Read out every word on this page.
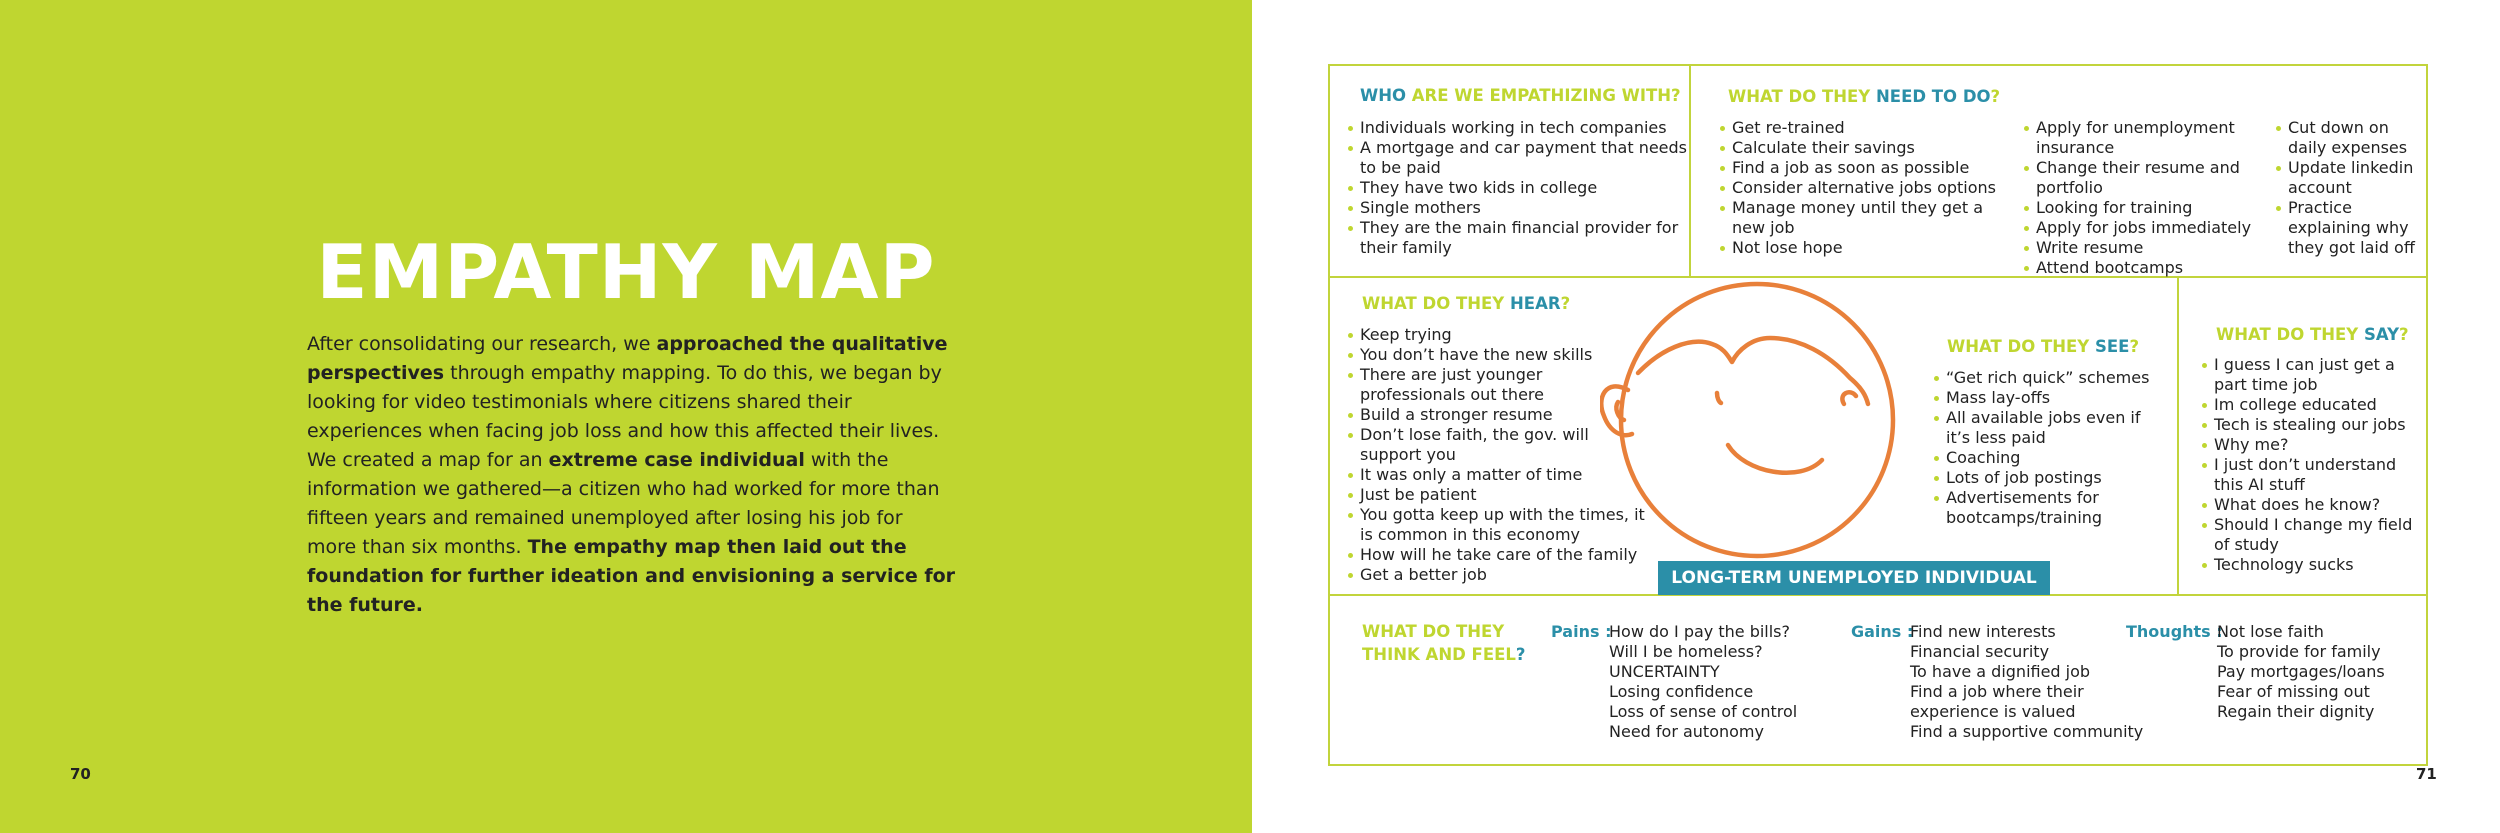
EMPATHY MAP

After consolidating our research, we approached the qualitative perspectives through empathy mapping. To do this, we began by looking for video testimonials where citizens shared their experiences when facing job loss and how this affected their lives. We created a map for an extreme case individual with the information we gathered—a citizen who had worked for more than fifteen years and remained unemployed after losing his job for more than six months. The empathy map then laid out the foundation for further ideation and envisioning a service for the future.

70	71
WHO ARE WE EMPATHIZING WITH?
Individuals working in tech companies
A mortgage and car payment that needs to be paid
They have two kids in college
Single mothers
They are the main financial provider for their family
WHAT DO THEY NEED TO DO?
Get re-trained
Calculate their savings
Find a job as soon as possible
Consider alternative jobs options
Manage money until they get a new job
Not lose hope
Apply for unemployment insurance
Change their resume and portfolio
Looking for training
Apply for jobs immediately
Write resume
Attend bootcamps
Cut down on daily expenses
Update linkedin account
Practice explaining why they got laid off
WHAT DO THEY HEAR?
Keep trying
You don’t have the new skills
There are just younger professionals out there
Build a stronger resume
Don’t lose faith, the gov. will support you
It was only a matter of time
Just be patient
You gotta keep up with the times, it is common in this economy
How will he take care of the family
Get a better job
WHAT DO THEY SEE?
“Get rich quick” schemes
Mass lay-offs
All available jobs even if it’s less paid
Coaching
Lots of job postings
Advertisements for bootcamps/training
WHAT DO THEY SAY?
I guess I can just get a part time job
Im college educated
Tech is stealing our jobs
Why me?
I just don’t understand this AI stuff
What does he know?
Should I change my field of study
Technology sucks
LONG-TERM UNEMPLOYED INDIVIDUAL
WHAT DO THEY
THINK AND FEEL?
Pains :
How do I pay the bills?
Will I be homeless?
UNCERTAINTY
Losing confidence
Loss of sense of control
Need for autonomy
Gains :
Find new interests
Financial security
To have a dignified job
Find a job where their experience is valued
Find a supportive community
Thoughts :
Not lose faith
To provide for family
Pay mortgages/loans
Fear of missing out
Regain their dignity
